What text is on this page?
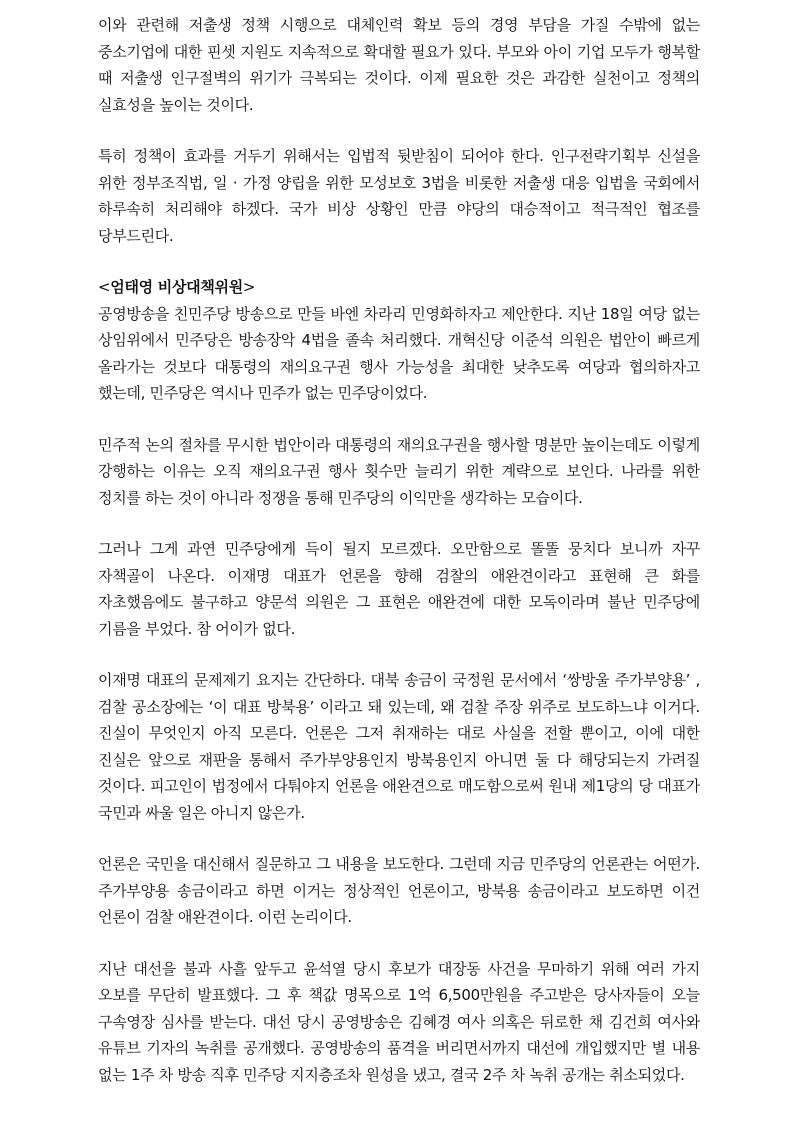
이와 관련해 저출생 정책 시행으로 대체인력 확보 등의 경영 부담을 가질 수밖에 없는 중소기업에 대한 핀셋 지원도 지속적으로 확대할 필요가 있다. 부모와 아이 기업 모두가 행복할 때 저출생 인구절벽의 위기가 극복되는 것이다. 이제 필요한 것은 과감한 실천이고 정책의 실효성을 높이는 것이다.

특히 정책이 효과를 거두기 위해서는 입법적 뒷받침이 되어야 한다. 인구전략기획부 신설을 위한 정부조직법, 일 · 가정 양립을 위한 모성보호 3법을 비롯한 저출생 대응 입법을 국회에서 하루속히 처리해야 하겠다. 국가 비상 상황인 만큼 야당의 대승적이고 적극적인 협조를 당부드린다.

<엄태영 비상대책위원>

공영방송을 친민주당 방송으로 만들 바엔 차라리 민영화하자고 제안한다. 지난 18일 여당 없는 상임위에서 민주당은 방송장악 4법을 졸속 처리했다. 개혁신당 이준석 의원은 법안이 빠르게 올라가는 것보다 대통령의 재의요구권 행사 가능성을 최대한 낮추도록 여당과 협의하자고 했는데, 민주당은 역시나 민주가 없는 민주당이었다.

민주적 논의 절차를 무시한 법안이라 대통령의 재의요구권을 행사할 명분만 높이는데도 이렇게 강행하는 이유는 오직 재의요구권 행사 횟수만 늘리기 위한 계략으로 보인다. 나라를 위한 정치를 하는 것이 아니라 정쟁을 통해 민주당의 이익만을 생각하는 모습이다.

그러나 그게 과연 민주당에게 득이 될지 모르겠다. 오만함으로 똘똘 뭉치다 보니까 자꾸 자책골이 나온다. 이재명 대표가 언론을 향해 검찰의 애완견이라고 표현해 큰 화를 자초했음에도 불구하고 양문석 의원은 그 표현은 애완견에 대한 모독이라며 불난 민주당에 기름을 부었다. 참 어이가 없다.

이재명 대표의 문제제기 요지는 간단하다. 대북 송금이 국정원 문서에서 ‘쌍방울 주가부양용’ , 검찰 공소장에는 ‘이 대표 방북용’ 이라고 돼 있는데, 왜 검찰 주장 위주로 보도하느냐 이거다. 진실이 무엇인지 아직 모른다. 언론은 그저 취재하는 대로 사실을 전할 뿐이고, 이에 대한 진실은 앞으로 재판을 통해서 주가부양용인지 방북용인지 아니면 둘 다 해당되는지 가려질 것이다. 피고인이 법정에서 다퉈야지 언론을 애완견으로 매도함으로써 원내 제1당의 당 대표가 국민과 싸울 일은 아니지 않은가.

언론은 국민을 대신해서 질문하고 그 내용을 보도한다. 그런데 지금 민주당의 언론관는 어떤가. 주가부양용 송금이라고 하면 이거는 정상적인 언론이고, 방북용 송금이라고 보도하면 이건 언론이 검찰 애완견이다. 이런 논리이다.

지난 대선을 불과 사흘 앞두고 윤석열 당시 후보가 대장동 사건을 무마하기 위해 여러 가지 오보를 무단히 발표했다. 그 후 책값 명목으로 1억 6,500만원을 주고받은 당사자들이 오늘 구속영장 심사를 받는다. 대선 당시 공영방송은 김혜경 여사 의혹은 뒤로한 채 김건희 여사와 유튜브 기자의 녹취를 공개했다. 공영방송의 품격을 버리면서까지 대선에 개입했지만 별 내용 없는 1주 차 방송 직후 민주당 지지층조차 원성을 냈고, 결국 2주 차 녹취 공개는 취소되었다.
